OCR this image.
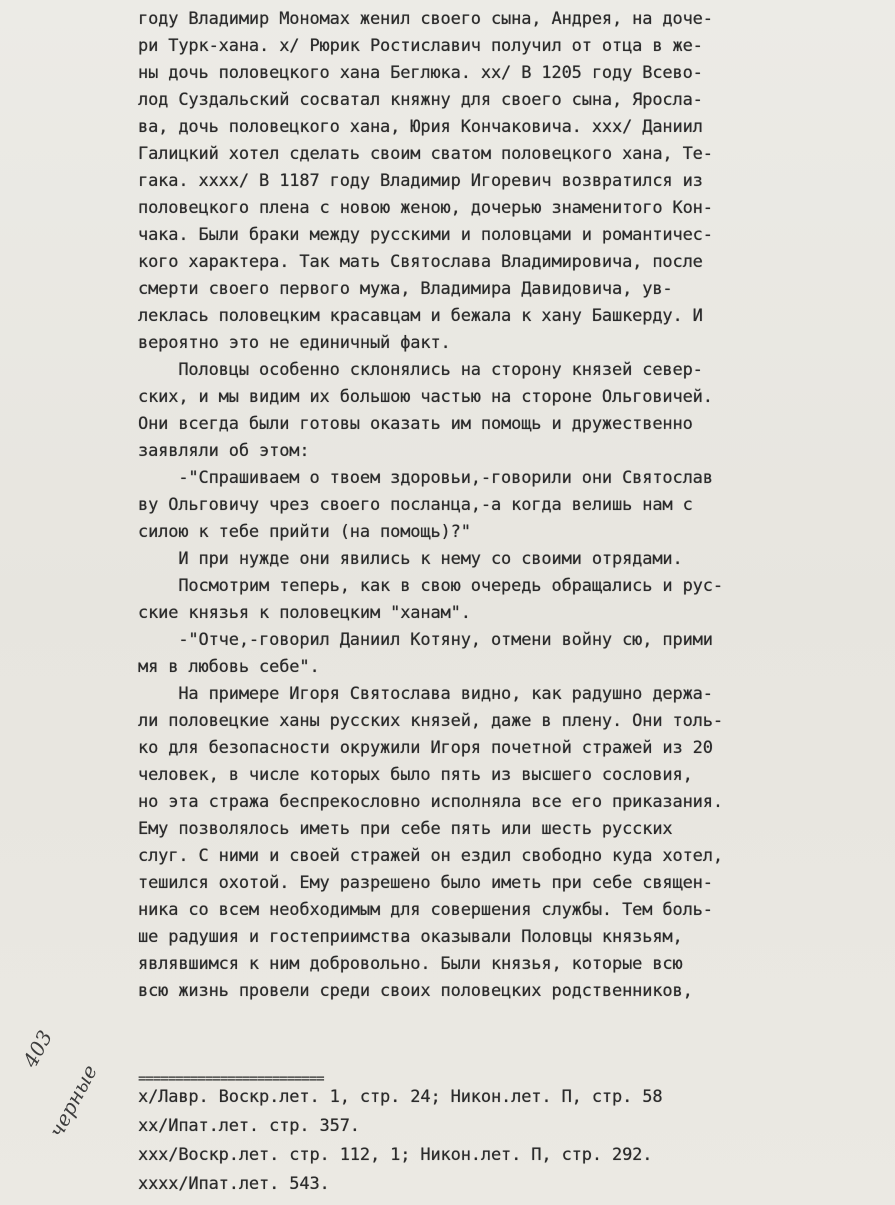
году Владимир Мономах женил своего сына, Андрея, на доче-
ри Турк-хана. х/ Рюрик Ростиславич получил от отца в же-
ны дочь половецкого хана Беглюка. хх/ В 1205 году Всево-
лод Суздальский сосватал княжну для своего сына, Яросла-
ва, дочь половецкого хана, Юрия Кончаковича. ххх/ Даниил
Галицкий хотел сделать своим сватом половецкого хана, Те-
гака. хххх/ В 1187 году Владимир Игоревич возвратился из
половецкого плена с новою женою, дочерью знаменитого Кон-
чака. Были браки между русскими и половцами и романтичес-
кого характера. Так мать Святослава Владимировича, после
смерти своего первого мужа, Владимира Давидовича, ув-
леклась половецким красавцам и бежала к хану Башкерду. И
вероятно это не единичный факт.
Половцы особенно склонялись на сторону князей север-
ских, и мы видим их большою частью на стороне Ольговичей.
Они всегда были готовы оказать им помощь и дружественно
заявляли об этом:
-"Спрашиваем о твоем здоровьи,-говорили они Святослав
ву Ольговичу чрез своего посланца,-а когда велишь нам с
силою к тебе прийти (на помощь)?"
И при нужде они явились к нему со своими отрядами.
Посмотрим теперь, как в свою очередь обращались и рус-
ские князья к половецким "ханам".
-"Отче,-говорил Даниил Котяну, отмени войну сю, прими
мя в любовь себе".
На примере Игоря Святослава видно, как радушно держа-
ли половецкие ханы русских князей, даже в плену. Они толь-
ко для безопасности окружили Игоря почетной стражей из 20
человек, в числе которых было пять из высшего сословия,
но эта стража беспрекословно исполняла все его приказания.
Ему позволялось иметь при себе пять или шесть русских
слуг. С ними и своей стражей он ездил свободно куда хотел,
тешился охотой. Ему разрешено было иметь при себе священ-
ника со всем необходимым для совершения службы. Тем боль-
ше радушия и гостеприимства оказывали Половцы князьям,
являвшимся к ним добровольно. Были князья, которые всю
всю жизнь провели среди своих половецких родственников,
=========================
х/Лавр. Воскр.лет. 1, стр. 24; Никон.лет. П, стр. 58
хх/Ипат.лет. стр. 357.
ххх/Воскр.лет. стр. 112, 1; Никон.лет. П, стр. 292.
хххх/Ипат.лет. 543.
403
черные
